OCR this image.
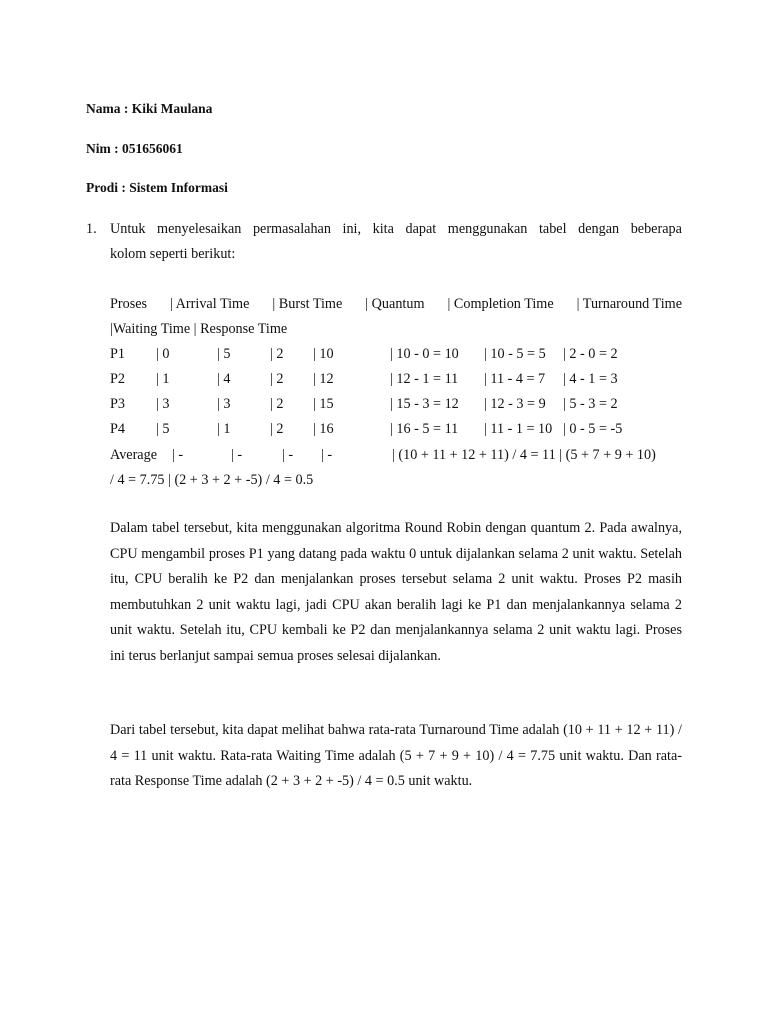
Nama : Kiki Maulana
Nim : 051656061
Prodi : Sistem Informasi
1. Untuk menyelesaikan permasalahan ini, kita dapat menggunakan tabel dengan beberapa
kolom seperti berikut:
Proses | Arrival Time | Burst Time | Quantum | Completion Time | Turnaround Time
|Waiting Time | Response Time
P1 | 0	| 5	| 2 | 10	| 10 - 0 = 10 | 10 - 5 = 5 | 2 - 0 = 2
P2 | 1	| 4	| 2 | 12	| 12 - 1 = 11 | 11 - 4 = 7 | 4 - 1 = 3
P3 | 3	| 3	| 2 | 15	| 15 - 3 = 12 | 12 - 3 = 9 | 5 - 3 = 2
P4 | 5	| 1	| 2 | 16	| 16 - 5 = 11 | 11 - 1 = 10 | 0 - 5 = -5
Average | -	| -	| - | -	| (10 + 11 + 12 + 11) / 4 = 11 | (5 + 7 + 9 + 10)
/ 4 = 7.75 | (2 + 3 + 2 + -5) / 4 = 0.5

Dalam tabel tersebut, kita menggunakan algoritma Round Robin dengan quantum 2. Pada awalnya, CPU mengambil proses P1 yang datang pada waktu 0 untuk dijalankan selama 2 unit waktu. Setelah itu, CPU beralih ke P2 dan menjalankan proses tersebut selama 2 unit waktu. Proses P2 masih membutuhkan 2 unit waktu lagi, jadi CPU akan beralih lagi ke P1 dan menjalankannya selama 2 unit waktu. Setelah itu, CPU kembali ke P2 dan menjalankannya selama 2 unit waktu lagi. Proses ini terus berlanjut sampai semua proses selesai dijalankan.

Dari tabel tersebut, kita dapat melihat bahwa rata-rata Turnaround Time adalah (10 + 11 + 12 + 11) / 4 = 11 unit waktu. Rata-rata Waiting Time adalah (5 + 7 + 9 + 10) / 4 = 7.75 unit waktu. Dan rata-rata Response Time adalah (2 + 3 + 2 + -5) / 4 = 0.5 unit waktu.
